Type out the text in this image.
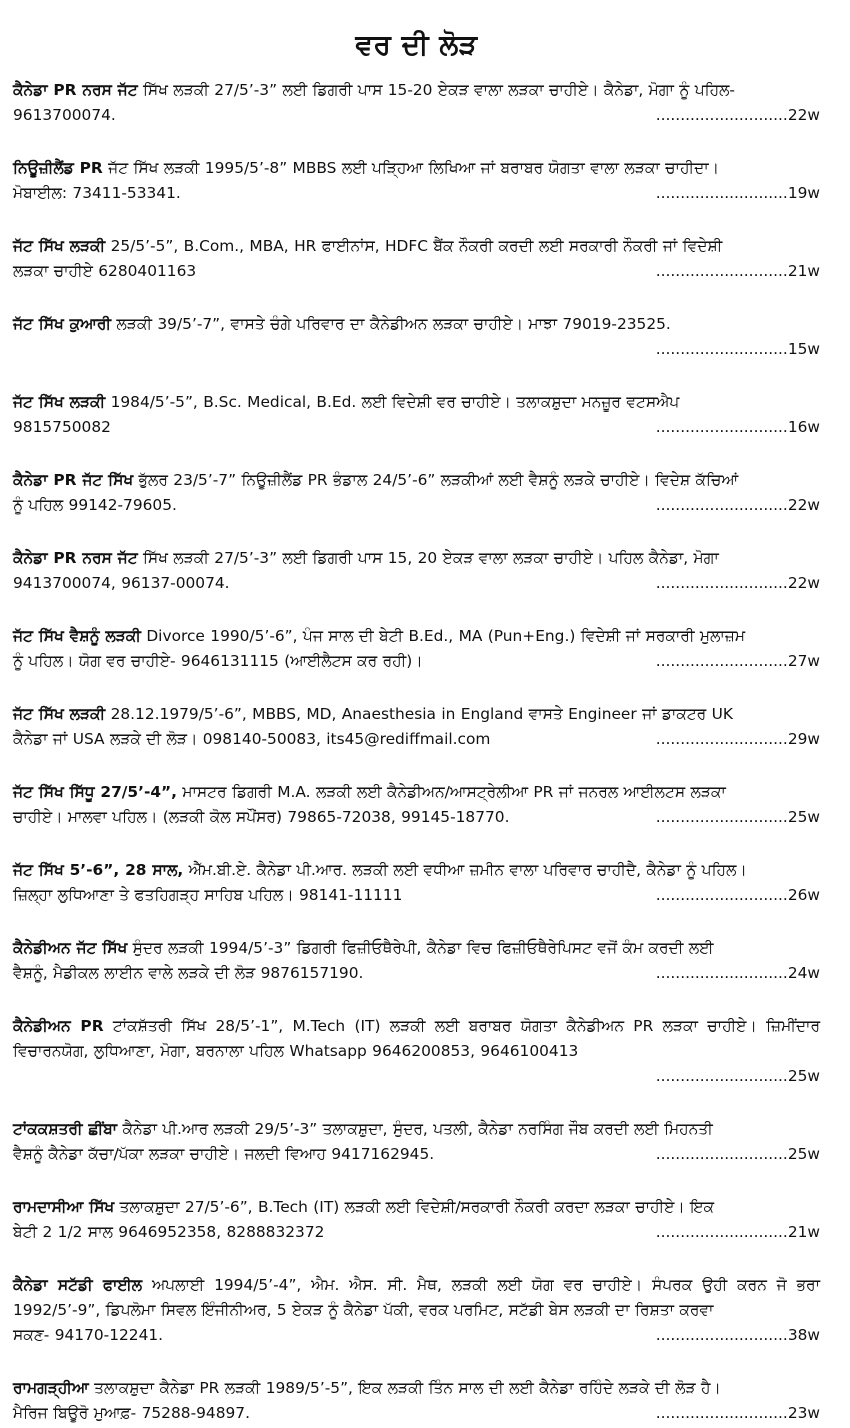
ਵਰ ਦੀ ਲੋੜ
ਕੈਨੇਡਾ PR ਨਰਸ ਜੱਟ ਸਿੱਖ ਲੜਕੀ 27/5’-3” ਲਈ ਡਿਗਰੀ ਪਾਸ 15-20 ਏਕੜ ਵਾਲਾ ਲੜਕਾ ਚਾਹੀਏ। ਕੈਨੇਡਾ, ਮੋਗਾ ਨੂੰ ਪਹਿਲ-
9613700074.	...........................22w
ਨਿਊਜ਼ੀਲੈਂਡ PR ਜੱਟ ਸਿੱਖ ਲੜਕੀ 1995/5’-8” MBBS ਲਈ ਪੜ੍ਹਿਆ ਲਿਖਿਆ ਜਾਂ ਬਰਾਬਰ ਯੋਗਤਾ ਵਾਲਾ ਲੜਕਾ ਚਾਹੀਦਾ।
ਮੋਬਾਈਲ: 73411-53341.	...........................19w
ਜੱਟ ਸਿੱਖ ਲੜਕੀ 25/5’-5”, B.Com., MBA, HR ਫਾਈਨਾਂਸ, HDFC ਬੈਂਕ ਨੌਕਰੀ ਕਰਦੀ ਲਈ ਸਰਕਾਰੀ ਨੌਕਰੀ ਜਾਂ ਵਿਦੇਸ਼ੀ
ਲੜਕਾ ਚਾਹੀਏ 6280401163	...........................21w
ਜੱਟ ਸਿੱਖ ਕੁਆਰੀ ਲੜਕੀ 39/5’-7”, ਵਾਸਤੇ ਚੰਗੇ ਪਰਿਵਾਰ ਦਾ ਕੈਨੇਡੀਅਨ ਲੜਕਾ ਚਾਹੀਏ। ਮਾਝਾ 79019-23525.
...........................15w
ਜੱਟ ਸਿੱਖ ਲੜਕੀ 1984/5’-5”, B.Sc. Medical, B.Ed. ਲਈ ਵਿਦੇਸ਼ੀ ਵਰ ਚਾਹੀਏ। ਤਲਾਕਸ਼ੁਦਾ ਮਨਜ਼ੂਰ ਵਟਸਐਪ
9815750082	...........................16w
ਕੈਨੇਡਾ PR ਜੱਟ ਸਿੱਖ ਭੁੱਲਰ 23/5’-7” ਨਿਊਜ਼ੀਲੈਂਡ PR ਭੰਡਾਲ 24/5’-6” ਲੜਕੀਆਂ ਲਈ ਵੈਸ਼ਨੂੰ ਲੜਕੇ ਚਾਹੀਏ। ਵਿਦੇਸ਼ ਕੱਚਿਆਂ
ਨੂੰ ਪਹਿਲ 99142-79605.	...........................22w
ਕੈਨੇਡਾ PR ਨਰਸ ਜੱਟ ਸਿੱਖ ਲੜਕੀ 27/5’-3” ਲਈ ਡਿਗਰੀ ਪਾਸ 15, 20 ਏਕੜ ਵਾਲਾ ਲੜਕਾ ਚਾਹੀਏ। ਪਹਿਲ ਕੈਨੇਡਾ, ਮੋਗਾ
9413700074, 96137-00074.	...........................22w
ਜੱਟ ਸਿੱਖ ਵੈਸ਼ਨੂੰ ਲੜਕੀ Divorce 1990/5’-6”, ਪੰਜ ਸਾਲ ਦੀ ਬੇਟੀ B.Ed., MA (Pun+Eng.) ਵਿਦੇਸ਼ੀ ਜਾਂ ਸਰਕਾਰੀ ਮੁਲਾਜ਼ਮ
ਨੂੰ ਪਹਿਲ। ਯੋਗ ਵਰ ਚਾਹੀਏ- 9646131115 (ਆਈਲੈਟਸ ਕਰ ਰਹੀ)।	...........................27w
ਜੱਟ ਸਿੱਖ ਲੜਕੀ 28.12.1979/5’-6”, MBBS, MD, Anaesthesia in England ਵਾਸਤੇ Engineer ਜਾਂ ਡਾਕਟਰ UK
ਕੈਨੇਡਾ ਜਾਂ USA ਲੜਕੇ ਦੀ ਲੋੜ। 098140-50083, its45@rediffmail.com	...........................29w
ਜੱਟ ਸਿੱਖ ਸਿੱਧੂ 27/5’-4”, ਮਾਸਟਰ ਡਿਗਰੀ M.A. ਲੜਕੀ ਲਈ ਕੈਨੇਡੀਅਨ/ਆਸਟ੍ਰੇਲੀਆ PR ਜਾਂ ਜਨਰਲ ਆਈਲਟਸ ਲੜਕਾ
ਚਾਹੀਏ। ਮਾਲਵਾ ਪਹਿਲ। (ਲੜਕੀ ਕੋਲ ਸਪੌਂਸਰ) 79865-72038, 99145-18770.	...........................25w
ਜੱਟ ਸਿੱਖ 5’-6”, 28 ਸਾਲ, ਐੱਮ.ਬੀ.ਏ. ਕੈਨੇਡਾ ਪੀ.ਆਰ. ਲੜਕੀ ਲਈ ਵਧੀਆ ਜ਼ਮੀਨ ਵਾਲਾ ਪਰਿਵਾਰ ਚਾਹੀਦੈ, ਕੈਨੇਡਾ ਨੂੰ ਪਹਿਲ।
ਜ਼ਿਲ੍ਹਾ ਲੁਧਿਆਣਾ ਤੇ ਫਤਹਿਗੜ੍ਹ ਸਾਹਿਬ ਪਹਿਲ। 98141-11111	...........................26w
ਕੈਨੇਡੀਅਨ ਜੱਟ ਸਿੱਖ ਸੁੰਦਰ ਲੜਕੀ 1994/5’-3” ਡਿਗਰੀ ਫਿਜ਼ੀਓਥੈਰੇਪੀ, ਕੈਨੇਡਾ ਵਿਚ ਫਿਜ਼ੀਓਥੈਰੇਪਿਸਟ ਵਜੋਂ ਕੰਮ ਕਰਦੀ ਲਈ
ਵੈਸ਼ਨੂੰ, ਮੈਡੀਕਲ ਲਾਈਨ ਵਾਲੇ ਲੜਕੇ ਦੀ ਲੋੜ 9876157190.	...........................24w
ਕੈਨੇਡੀਅਨ PR ਟਾਂਕਸ਼ੱਤਰੀ ਸਿੱਖ 28/5’-1”, M.Tech (IT) ਲੜਕੀ ਲਈ ਬਰਾਬਰ ਯੋਗਤਾ ਕੈਨੇਡੀਅਨ PR ਲੜਕਾ ਚਾਹੀਏ। ਜ਼ਿਮੀਂਦਾਰ ਵਿਚਾਰਨਯੋਗ, ਲੁਧਿਆਣਾ, ਮੋਗਾ, ਬਰਨਾਲਾ ਪਹਿਲ Whatsapp 9646200853, 9646100413
...........................25w
ਟਾਂਕਕਸ਼ਤਰੀ ਛੀਂਬਾ ਕੈਨੇਡਾ ਪੀ.ਆਰ ਲੜਕੀ 29/5’-3” ਤਲਾਕਸ਼ੁਦਾ, ਸੁੰਦਰ, ਪਤਲੀ, ਕੈਨੇਡਾ ਨਰਸਿੰਗ ਜੌਬ ਕਰਦੀ ਲਈ ਮਿਹਨਤੀ
ਵੈਸ਼ਨੂੰ ਕੈਨੇਡਾ ਕੱਚਾ/ਪੱਕਾ ਲੜਕਾ ਚਾਹੀਏ। ਜਲਦੀ ਵਿਆਹ 9417162945.	...........................25w
ਰਾਮਦਾਸੀਆ ਸਿੱਖ ਤਲਾਕਸ਼ੁਦਾ 27/5’-6”, B.Tech (IT) ਲੜਕੀ ਲਈ ਵਿਦੇਸ਼ੀ/ਸਰਕਾਰੀ ਨੌਕਰੀ ਕਰਦਾ ਲੜਕਾ ਚਾਹੀਏ। ਇਕ
ਬੇਟੀ 2 1/2 ਸਾਲ 9646952358, 8288832372	...........................21w
ਕੈਨੇਡਾ ਸਟੱਡੀ ਫਾਈਲ ਅਪਲਾਈ 1994/5’-4”, ਐਮ. ਐਸ. ਸੀ. ਮੈਥ, ਲੜਕੀ ਲਈ ਯੋਗ ਵਰ ਚਾਹੀਏ। ਸੰਪਰਕ ਉਹੀ ਕਰਨ ਜੋ ਭਰਾ 1992/5’-9”, ਡਿਪਲੋਮਾ ਸਿਵਲ ਇੰਜੀਨੀਅਰ, 5 ਏਕੜ ਨੂੰ ਕੈਨੇਡਾ ਪੱਕੀ, ਵਰਕ ਪਰਮਿਟ, ਸਟੱਡੀ ਬੇਸ ਲੜਕੀ ਦਾ ਰਿਸ਼ਤਾ ਕਰਵਾ
ਸਕਣ- 94170-12241.	...........................38w
ਰਾਮਗੜ੍ਹੀਆ ਤਲਾਕਸ਼ੁਦਾ ਕੈਨੇਡਾ PR ਲੜਕੀ 1989/5’-5”, ਇਕ ਲੜਕੀ ਤਿੰਨ ਸਾਲ ਦੀ ਲਈ ਕੈਨੇਡਾ ਰਹਿੰਦੇ ਲੜਕੇ ਦੀ ਲੋੜ ਹੈ।
ਮੈਰਿਜ ਬਿਊਰੋ ਮੁਆਫ਼- 75288-94897.	...........................23w
